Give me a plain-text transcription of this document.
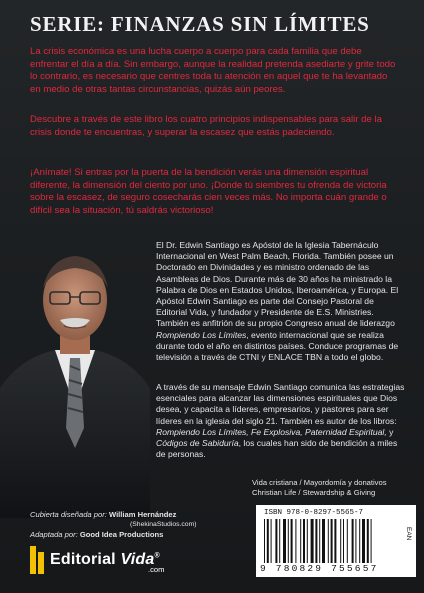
SERIE: FINANZAS SIN LÍMITES

La crisis económica es una lucha cuerpo a cuerpo para cada familia que debe enfrentar el día a día. Sin embargo, aunque la realidad pretenda asediarte y grite todo lo contrario, es necesario que centres toda tu atención en aquel que te ha levantado en medio de otras tantas circunstancias, quizás aún peores.

Descubre a través de este libro los cuatro principios indispensables para salir de la crisis donde te encuentras, y superar la escasez que estás padeciendo.

¡Anímate! Si entras por la puerta de la bendición verás una dimensión espiritual diferente, la dimensión del ciento por uno. ¡Donde tú siembres tu ofrenda de victoria sobre la escasez, de seguro cosecharás cien veces más. No importa cuán grande o difícil sea la situación, tú saldrás victorioso!

El Dr. Edwin Santiago es Apóstol de la Iglesia Tabernáculo Internacional en West Palm Beach, Florida. También posee un Doctorado en Divinidades y es ministro ordenado de las Asambleas de Dios. Durante más de 30 años ha ministrado la Palabra de Dios en Estados Unidos, Iberoamérica, y Europa. El Apóstol Edwin Santiago es parte del Consejo Pastoral de Editorial Vida, y fundador y Presidente de E.S. Ministries. También es anfitrión de su propio Congreso anual de liderazgo Rompiendo Los Límites, evento internacional que se realiza durante todo el año en distintos países. Conduce programas de televisión a través de CTNI y ENLACE TBN a todo el globo.

A través de su mensaje Edwin Santiago comunica las estrategias esenciales para alcanzar las dimensiones espirituales que Dios desea, y capacita a líderes, empresarios, y pastores para ser líderes en la iglesia del siglo 21. También es autor de los libros: Rompiendo Los Límites, Fe Explosiva, Paternidad Espiritual, y Códigos de Sabiduría, los cuales han sido de bendición a miles de personas.

Vida cristiana / Mayordomía y donativos
Christian Life / Stewardship & Giving
Cubierta diseñada por: William Hernández
(ShekinaStudios.com)
Adaptada por: Good Idea Productions
Editorial Vida®
.com
ISBN 978-0-8297-5565-7
EAN
9 780829 755657
